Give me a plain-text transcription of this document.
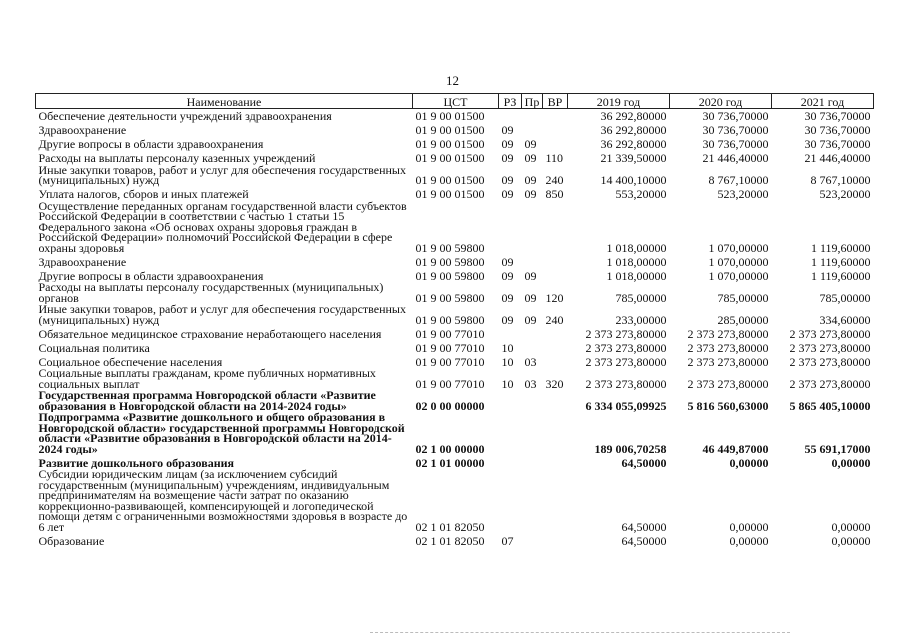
12
Наименование	ЦСТ	РЗ	Пр	ВР	2019 год	2020 год	2021 год
Обеспечение деятельности учреждений здравоохранения	01 9 00 01500				36 292,80000	30 736,70000	30 736,70000
Здравоохранение	01 9 00 01500	09			36 292,80000	30 736,70000	30 736,70000
Другие вопросы в области здравоохранения	01 9 00 01500	09	09		36 292,80000	30 736,70000	30 736,70000
Расходы на выплаты персоналу казенных учреждений	01 9 00 01500	09	09	110	21 339,50000	21 446,40000	21 446,40000
Иные закупки товаров, работ и услуг для обеспечения государственных (муниципальных) нужд	01 9 00 01500	09	09	240	14 400,10000	8 767,10000	8 767,10000
Уплата налогов, сборов и иных платежей	01 9 00 01500	09	09	850	553,20000	523,20000	523,20000
Осуществление переданных органам государственной власти субъектов Российской Федерации в соответствии с частью 1 статьи 15 Федерального закона «Об основах охраны здоровья граждан в Российской Федерации» полномочий Российской Федерации в сфере охраны здоровья	01 9 00 59800				1 018,00000	1 070,00000	1 119,60000
Здравоохранение	01 9 00 59800	09			1 018,00000	1 070,00000	1 119,60000
Другие вопросы в области здравоохранения	01 9 00 59800	09	09		1 018,00000	1 070,00000	1 119,60000
Расходы на выплаты персоналу государственных (муниципальных) органов	01 9 00 59800	09	09	120	785,00000	785,00000	785,00000
Иные закупки товаров, работ и услуг для обеспечения государственных (муниципальных) нужд	01 9 00 59800	09	09	240	233,00000	285,00000	334,60000
Обязательное медицинское страхование неработающего населения	01 9 00 77010				2 373 273,80000	2 373 273,80000	2 373 273,80000
Социальная политика	01 9 00 77010	10			2 373 273,80000	2 373 273,80000	2 373 273,80000
Социальное обеспечение населения	01 9 00 77010	10	03		2 373 273,80000	2 373 273,80000	2 373 273,80000
Социальные выплаты гражданам, кроме публичных нормативных социальных выплат	01 9 00 77010	10	03	320	2 373 273,80000	2 373 273,80000	2 373 273,80000
Государственная программа Новгородской области «Развитие образования в Новгородской области на 2014-2024 годы»	02 0 00 00000				6 334 055,09925	5 816 560,63000	5 865 405,10000
Подпрограмма «Развитие дошкольного и общего образования в Новгородской области» государственной программы Новгородской области «Развитие образования в Новгородской области на 2014-2024 годы»	02 1 00 00000				189 006,70258	46 449,87000	55 691,17000
Развитие дошкольного образования	02 1 01 00000				64,50000	0,00000	0,00000
Субсидии юридическим лицам (за исключением субсидий государственным (муниципальным) учреждениям, индивидуальным предпринимателям на возмещение части затрат по оказанию коррекционно-развивающей, компенсирующей и логопедической помощи детям с ограниченными возможностями здоровья в возрасте до 6 лет	02 1 01 82050				64,50000	0,00000	0,00000
Образование	02 1 01 82050	07			64,50000	0,00000	0,00000
